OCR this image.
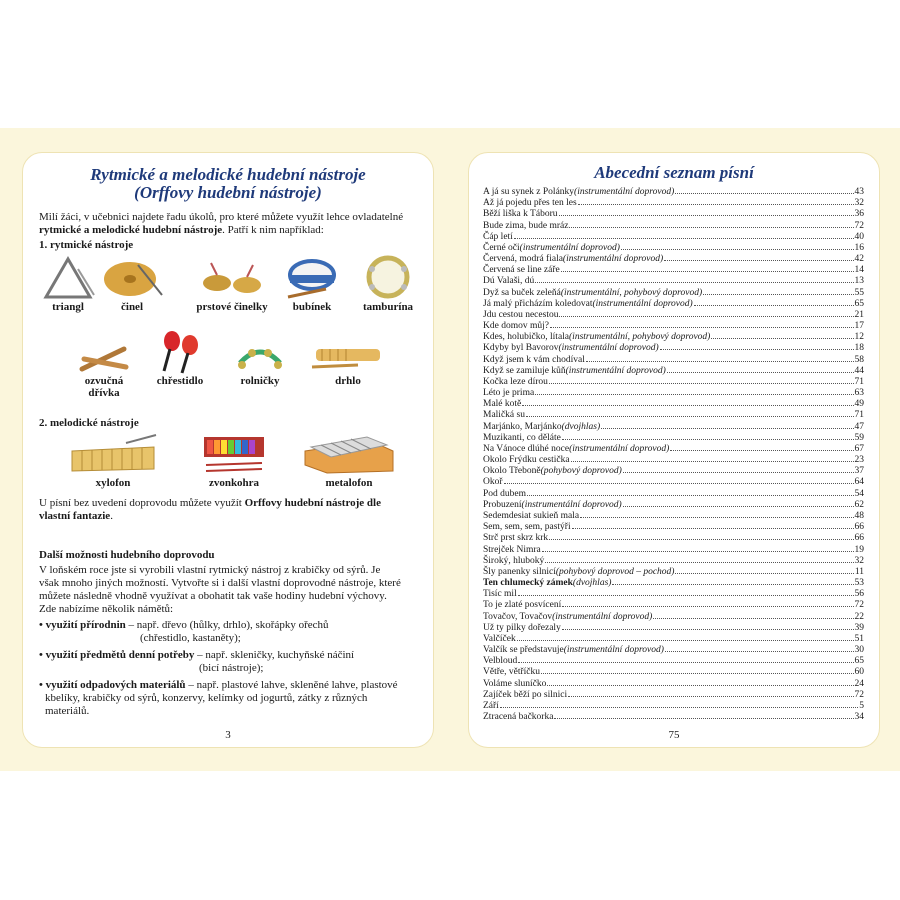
Rytmické a melodické hudební nástroje

(Orffovy hudební nástroje)

Milí žáci, v učebnici najdete řadu úkolů, pro které můžete využít lehce ovladatelné
rytmické a melodické hudební nástroje. Patří k nim například:
1. rytmické nástroje
triangl	činel	prstové činelky	bubínek	tamburína
ozvučná
dřívka
chřestidlo	rolničky	drhlo
2. melodické nástroje
xylofon	zvonkohra	metalofon
U písní bez uvedení doprovodu můžete využít Orffovy hudební nástroje dle
vlastní fantazie.
Další možnosti hudebního doprovodu
V loňském roce jste si vyrobili vlastní rytmický nástroj z krabičky od sýrů. Je
však mnoho jiných možností. Vytvořte si i další vlastní doprovodné nástroje, které
můžete následně vhodně využívat a obohatit tak vaše hodiny hudební výchovy.
Zde nabízíme několik námětů:
• využití přírodnin – např. dřevo (hůlky, drhlo), skořápky ořechů
(chřestidlo, kastaněty);
• využití předmětů denní potřeby – např. skleničky, kuchyňské náčiní
(bicí nástroje);
• využití odpadových materiálů – např. plastové lahve, skleněné lahve, plastové
kbelíky, krabičky od sýrů, konzervy, kelímky od jogurtů, zátky z různých
materiálů.
3

Abecední seznam písní

A já su synek z Polánky (instrumentální doprovod)	43
Až já pojedu přes ten les	32
Běží liška k Táboru	36
Bude zima, bude mráz	72
Čáp letí	40
Černé oči (instrumentální doprovod)	16
Červená, modrá fiala (instrumentální doprovod)	42
Červená se line záře	14
Dú Valaši, dú	13
Dyž sa buček zeleňá (instrumentální, pohybový doprovod)	55
Já malý přicházím koledovat (instrumentální doprovod)	65
Jdu cestou necestou	21
Kde domov můj?	17
Kdes, holubičko, lítala (instrumentální, pohybový doprovod)	12
Kdyby byl Bavorov (instrumentální doprovod)	18
Když jsem k vám chodíval	58
Když se zamiluje kůň (instrumentální doprovod)	44
Kočka leze dírou	71
Léto je prima	63
Malé kotě	49
Maličká su	71
Marjánko, Marjánko (dvojhlas)	47
Muzikanti, co děláte	59
Na Vánoce dlúhé noce (instrumentální doprovod)	67
Okolo Frýdku cestička	23
Okolo Třeboně (pohybový doprovod)	37
Okoř	64
Pod dubem	54
Probuzení (instrumentální doprovod)	62
Sedemdesiat sukieň mala	48
Sem, sem, sem, pastýři	66
Strč prst skrz krk	66
Strejček Nimra	19
Široký, hluboký	32
Šly panenky silnicí (pohybový doprovod – pochod)	11
Ten chlumecký zámek (dvojhlas)	53
Tisíc mil	56
To je zlaté posvícení	72
Tovačov, Tovačov (instrumentální doprovod)	22
Už ty pilky dořezaly	39
Valčíček	51
Valčík se představuje (instrumentální doprovod)	30
Velbloud	65
Větře, větříčku	60
Voláme sluníčko	24
Zajíček běží po silnici	72
Září	5
Ztracená bačkorka	34
75
